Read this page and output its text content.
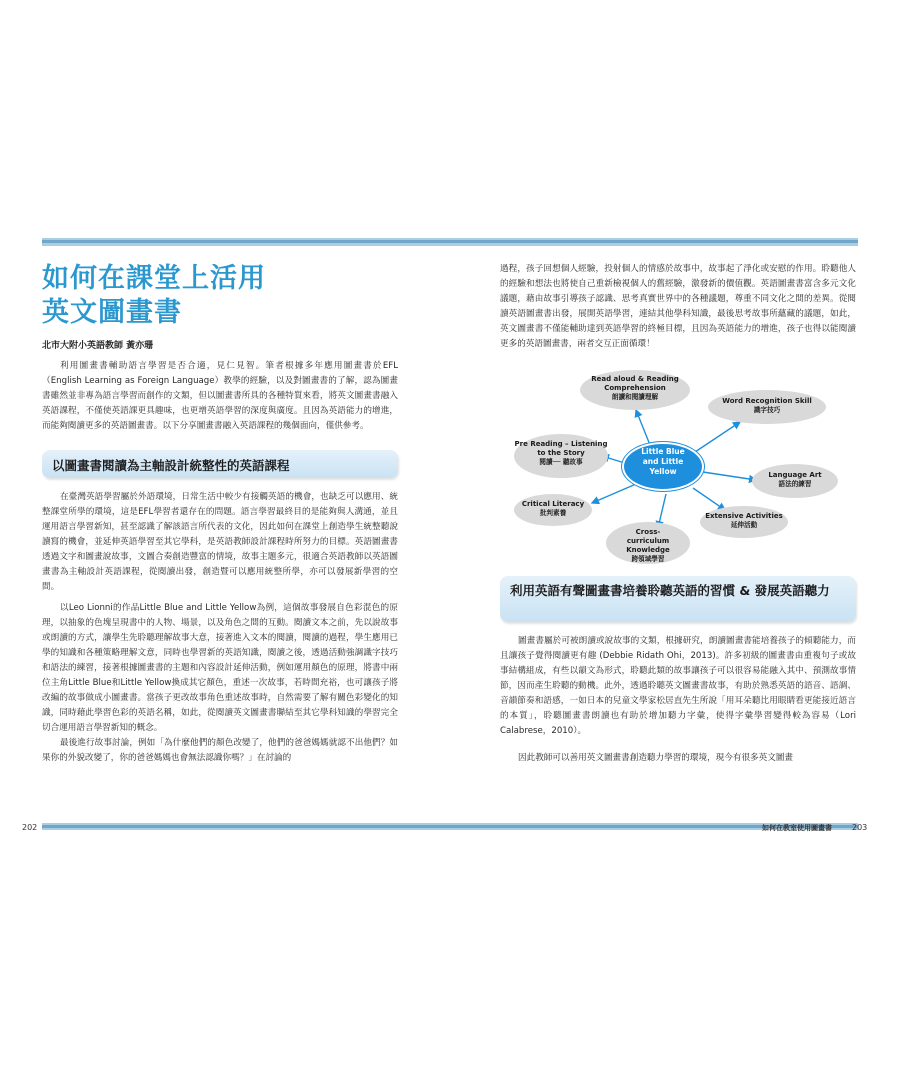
如何在課堂上活用
英文圖畫書
北市大附小英語教師 黃亦珊

利用圖畫書輔助語言學習是否合適，見仁見智。筆者根據多年應用圖畫書於EFL（English Learning as Foreign Language）教學的經驗，以及對圖畫書的了解，認為圖畫書雖然並非專為語言學習而創作的文類，但以圖畫書所具的各種特質來看，將英文圖畫書融入英語課程，不僅使英語課更具趣味，也更增英語學習的深度與廣度。且因為英語能力的增進，而能夠閱讀更多的英語圖畫書。以下分享圖畫書融入英語課程的幾個面向，僅供參考。

以圖畫書閱讀為主軸設計統整性的英語課程

在臺灣英語學習屬於外語環境，日常生活中較少有接觸英語的機會，也缺乏可以應用、統整課堂所學的環境，這是EFL學習者還存在的問題。語言學習最終目的是能夠與人溝通，並且運用語言學習新知，甚至認識了解該語言所代表的文化，因此如何在課堂上創造學生統整聽說讀寫的機會，並延伸英語學習至其它學科，是英語教師設計課程時所努力的目標。英語圖畫書透過文字和圖畫說故事，文圖合奏創造豐富的情境，故事主題多元，很適合英語教師以英語圖畫書為主軸設計英語課程，從閱讀出發，創造暨可以應用統整所學，亦可以發展新學習的空間。

以Leo Lionni的作品Little Blue and Little Yellow為例，這個故事發展自色彩混色的原理，以抽象的色塊呈現書中的人物、場景，以及角色之間的互動。閱讀文本之前，先以說故事或朗讀的方式，讓學生先聆聽理解故事大意，接著進入文本的閱讀，閱讀的過程，學生應用已學的知識和各種策略理解文意，同時也學習新的英語知識，閱讀之後，透過活動強調識字技巧和語法的練習，接著根據圖畫書的主題和內容設計延伸活動，例如運用顏色的原理，將書中兩位主角Little Blue和Little Yellow換成其它顏色，重述一次故事，若時間充裕，也可讓孩子將改編的故事做成小圖畫書。當孩子更改故事角色重述故事時，自然需要了解有關色彩變化的知識，同時藉此學習色彩的英語名稱，如此，從閱讀英文圖畫書聯結至其它學科知識的學習完全切合運用語言學習新知的概念。

最後進行故事討論，例如「為什麼他們的顏色改變了，他們的爸爸媽媽就認不出他們？如果你的外貌改變了，你的爸爸媽媽也會無法認識你嗎？」在討論的

過程，孩子回想個人經驗，投射個人的情感於故事中，故事起了淨化或安慰的作用。聆聽他人的經驗和想法也將使自己重新檢視個人的舊經驗，激發新的價值觀。英語圖畫書富含多元文化議題，藉由故事引導孩子認識、思考真實世界中的各種議題，尊重不同文化之間的差異。從閱讀英語圖畫書出發，展開英語學習，連結其他學科知識，最後思考故事所蘊藏的議題，如此，英文圖畫書不僅能輔助達到英語學習的終極目標，且因為英語能力的增進，孩子也得以能閱讀更多的英語圖畫書，兩者交互正面循環！

Read aloud & Reading Comprehension
朗讀和閱讀理解	Word Recognition Skill
識字技巧
Pre Reading – Listening to the Story
閱讀── 聽故事
Little Blue and Little Yellow	Language Art
語法的練習
Critical Literacy
批判素養	Extensive Activities
延伸活動
Cross- curriculum Knowledge
跨領域學習
利用英語有聲圖畫書培養聆聽英語的習慣 & 發展英語聽力

圖畫書屬於可被朗讀或說故事的文類，根據研究，朗讀圖畫書能培養孩子的傾聽能力，而且讓孩子覺得閱讀更有趣 (Debbie Ridath Ohi，2013)。許多初級的圖畫書由重複句子或故事結構組成，有些以韻文為形式，聆聽此類的故事讓孩子可以很容易能融入其中、預測故事情節，因而產生聆聽的動機。此外，透過聆聽英文圖畫書故事，有助於熟悉英語的語音、語調、音韻節奏和語感，一如日本的兒童文學家松居直先生所說「用耳朵聽比用眼睛看更能接近語言的本質」，聆聽圖畫書朗讀也有助於增加聽力字彙，使得字彙學習變得較為容易（Lori Calabrese，2010）。

因此教師可以善用英文圖畫書創造聽力學習的環境，現今有很多英文圖畫

202	如何在教室使用圖畫書	203
